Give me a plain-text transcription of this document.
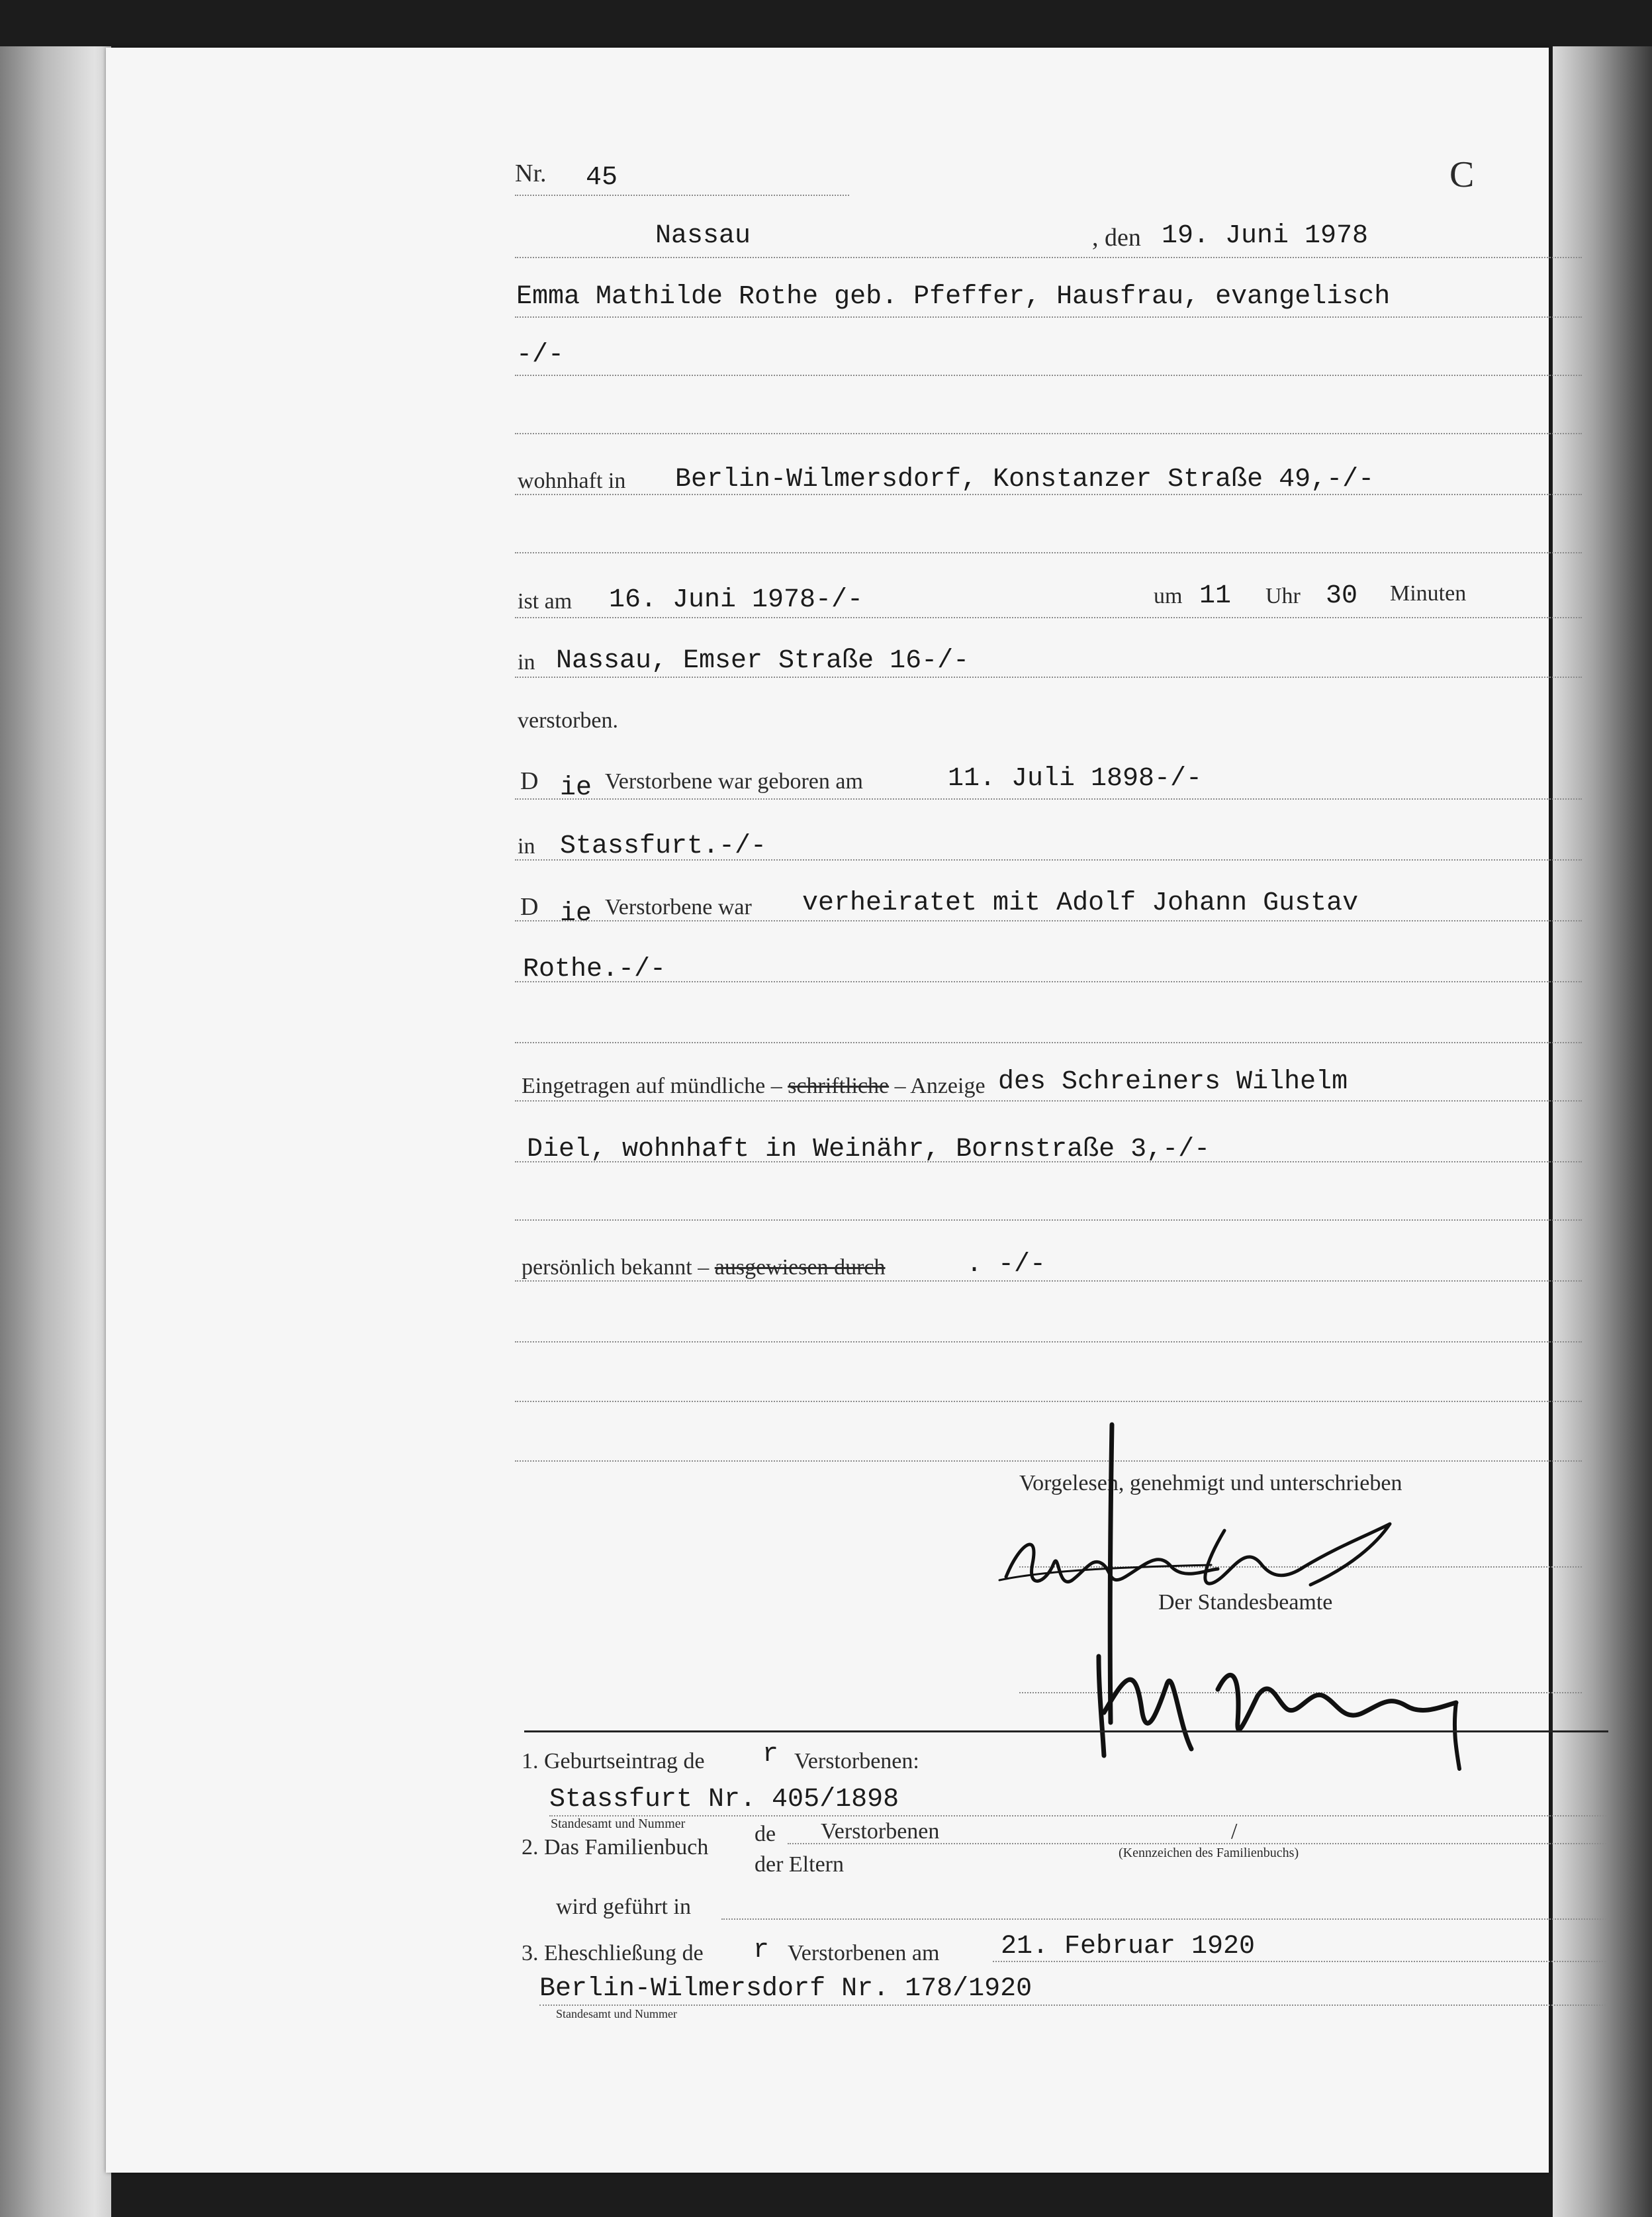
Nr. 45	C
Nassau	, den 19. Juni 1978
Emma Mathilde Rothe geb. Pfeffer, Hausfrau, evangelisch
-/-
wohnhaft in Berlin-Wilmersdorf, Konstanzer Straße 49,-/-
ist am 16. Juni 1978-/-	um 11 Uhr 30 Minuten
in Nassau, Emser Straße 16-/-
verstorben.
D ie Verstorbene war geboren am	11. Juli 1898-/-
in Stassfurt.-/-
D ie Verstorbene war verheiratet mit Adolf Johann Gustav
Rothe.-/-
Eingetragen auf mündliche – schriftliche – Anzeige des Schreiners Wilhelm
Diel, wohnhaft in Weinähr, Bornstraße 3,-/-
persönlich bekannt – ausgewiesen durch	. -/-
Vorgelesen, genehmigt und unterschrieben
Der Standesbeamte
1. Geburtseintrag de r Verstorbenen:
Stassfurt Nr. 405/1898
Standesamt und Nummer
2. Das Familienbuch
de Verstorbenen	/
der Eltern	(Kennzeichen des Familienbuchs)
wird geführt in
3. Eheschließung de r Verstorbenen am 21. Februar 1920
Berlin-Wilmersdorf Nr. 178/1920
Standesamt und Nummer
